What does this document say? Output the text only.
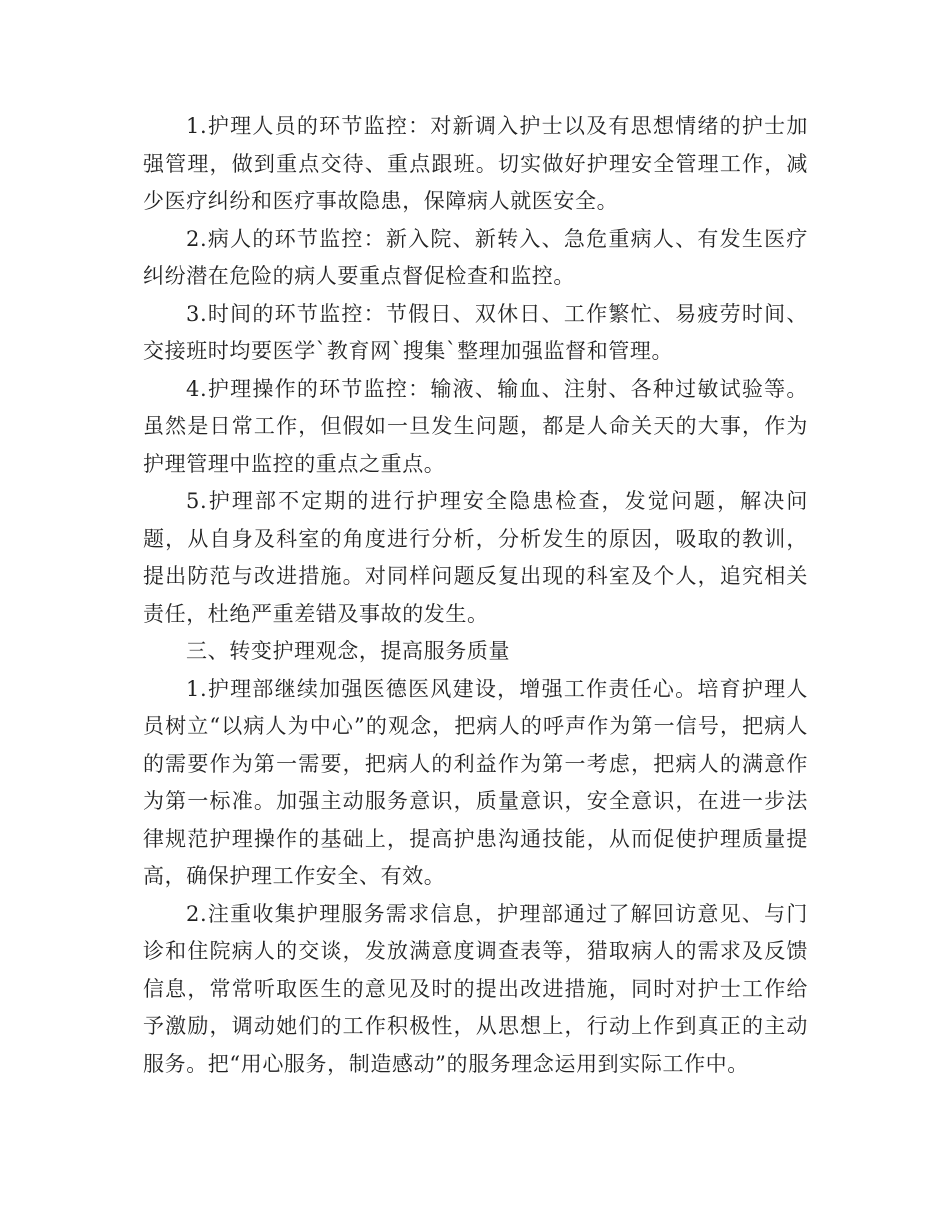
1.护理人员的环节监控：对新调入护士以及有思想情绪的护士加强管理，做到重点交待、重点跟班。切实做好护理安全管理工作，减少医疗纠纷和医疗事故隐患，保障病人就医安全。

2.病人的环节监控：新入院、新转入、急危重病人、有发生医疗纠纷潜在危险的病人要重点督促检查和监控。

3.时间的环节监控：节假日、双休日、工作繁忙、易疲劳时间、交接班时均要医学`教育网`搜集`整理加强监督和管理。

4.护理操作的环节监控：输液、输血、注射、各种过敏试验等。虽然是日常工作，但假如一旦发生问题，都是人命关天的大事，作为护理管理中监控的重点之重点。

5.护理部不定期的进行护理安全隐患检查，发觉问题，解决问题，从自身及科室的角度进行分析，分析发生的原因，吸取的教训，提出防范与改进措施。对同样问题反复出现的科室及个人，追究相关责任，杜绝严重差错及事故的发生。

三、转变护理观念，提高服务质量

1.护理部继续加强医德医风建设，增强工作责任心。培育护理人员树立“以病人为中心”的观念，把病人的呼声作为第一信号，把病人的需要作为第一需要，把病人的利益作为第一考虑，把病人的满意作为第一标准。加强主动服务意识，质量意识，安全意识，在进一步法律规范护理操作的基础上，提高护患沟通技能，从而促使护理质量提高，确保护理工作安全、有效。

2.注重收集护理服务需求信息，护理部通过了解回访意见、与门诊和住院病人的交谈，发放满意度调查表等，猎取病人的需求及反馈信息，常常听取医生的意见及时的提出改进措施，同时对护士工作给予激励，调动她们的工作积极性，从思想上，行动上作到真正的主动服务。把“用心服务，制造感动”的服务理念运用到实际工作中。
